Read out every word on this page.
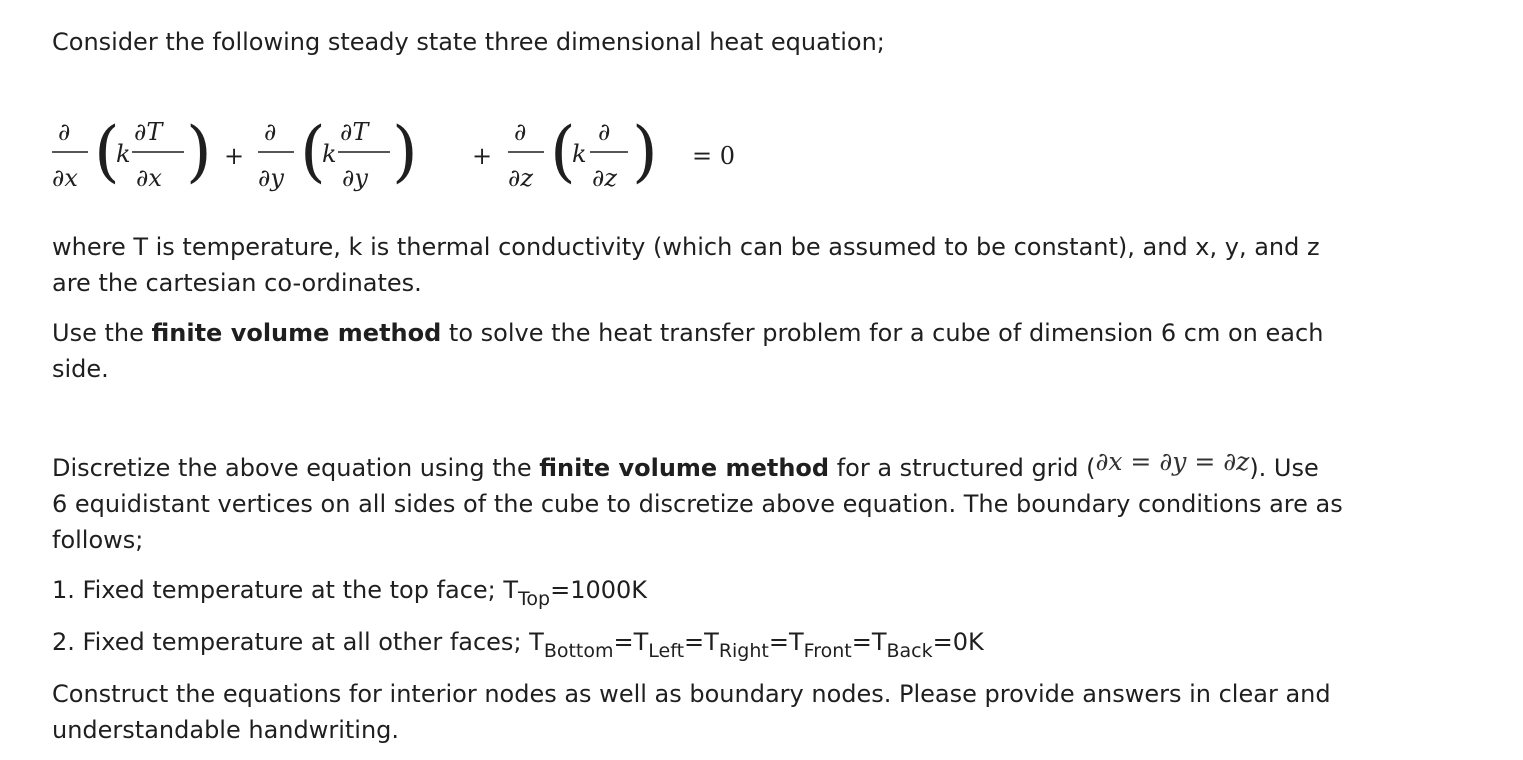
Consider the following steady state three dimensional heat equation;

∂
∂x (
k
∂T
∂x ) +
∂
∂y (
k
∂T
∂y ) +
∂
∂z (
k
∂
∂z ) = 0

where T is temperature, k is thermal conductivity (which can be assumed to be constant), and x, y, and z

are the cartesian co-ordinates.

Use the finite volume method to solve the heat transfer problem for a cube of dimension 6 cm on each

side.

Discretize the above equation using the finite volume method for a structured grid (∂x = ∂y = ∂z). Use

6 equidistant vertices on all sides of the cube to discretize above equation. The boundary conditions are as

follows;

1. Fixed temperature at the top face; $T_{Top}=1000K$

2. Fixed temperature at all other faces; $T_{Bottom}=T_{Left}=T_{Right}=T_{Front}=T_{Back}=0K$

Construct the equations for interior nodes as well as boundary nodes. Please provide answers in clear and

understandable handwriting.
